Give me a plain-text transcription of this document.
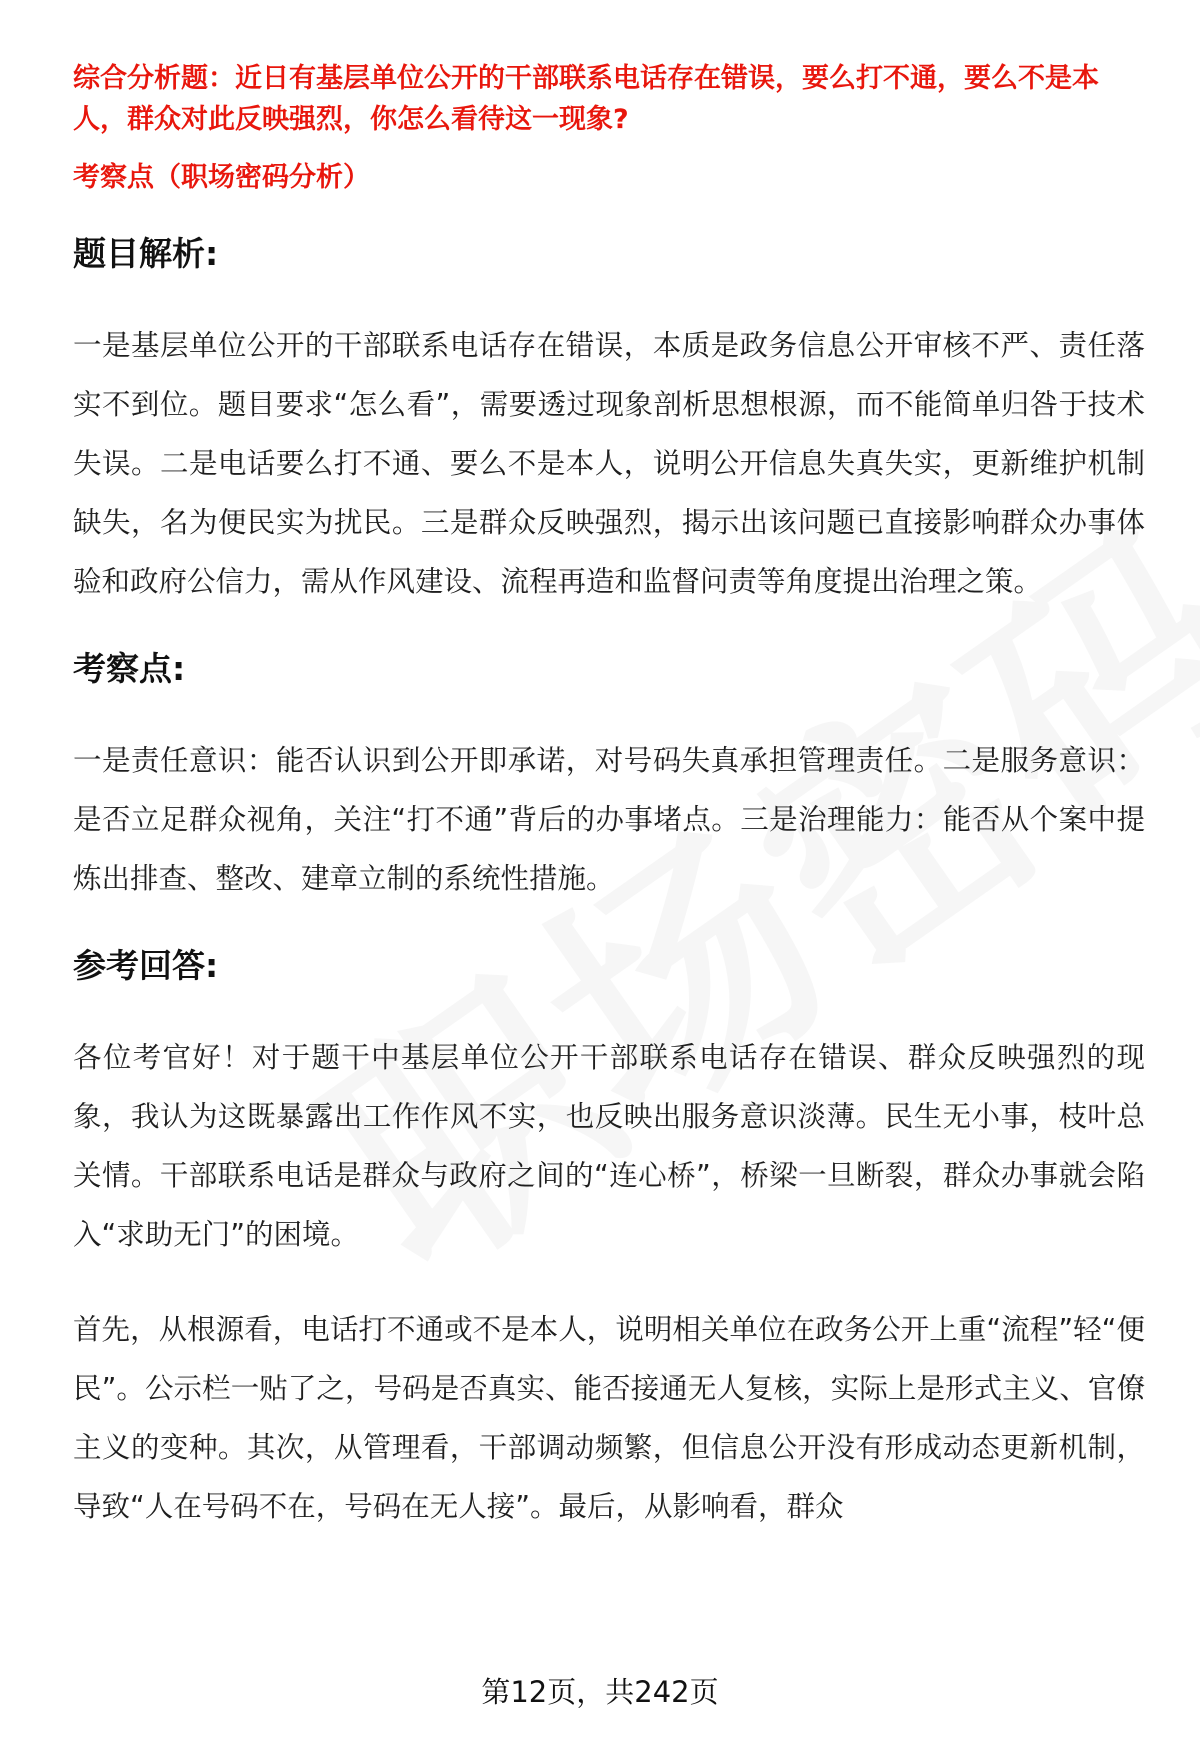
综合分析题：近日有基层单位公开的干部联系电话存在错误，要么打不通，要么不是本人，群众对此反映强烈，你怎么看待这一现象?
考察点（职场密码分析）
题目解析:
一是基层单位公开的干部联系电话存在错误，本质是政务信息公开审核不严、责任落实不到位。题目要求“怎么看”，需要透过现象剖析思想根源，而不能简单归咎于技术失误。二是电话要么打不通、要么不是本人，说明公开信息失真失实，更新维护机制缺失，名为便民实为扰民。三是群众反映强烈，揭示出该问题已直接影响群众办事体验和政府公信力，需从作风建设、流程再造和监督问责等角度提出治理之策。
考察点:
一是责任意识：能否认识到公开即承诺，对号码失真承担管理责任。二是服务意识：是否立足群众视角，关注“打不通”背后的办事堵点。三是治理能力：能否从个案中提炼出排查、整改、建章立制的系统性措施。
参考回答:
各位考官好！对于题干中基层单位公开干部联系电话存在错误、群众反映强烈的现象，我认为这既暴露出工作作风不实，也反映出服务意识淡薄。民生无小事，枝叶总关情。干部联系电话是群众与政府之间的“连心桥”，桥梁一旦断裂，群众办事就会陷入“求助无门”的困境。
首先，从根源看，电话打不通或不是本人，说明相关单位在政务公开上重“流程”轻“便民”。公示栏一贴了之，号码是否真实、能否接通无人复核，实际上是形式主义、官僚主义的变种。其次，从管理看，干部调动频繁，但信息公开没有形成动态更新机制，导致“人在号码不在，号码在无人接”。最后，从影响看，群众
第12页，共242页
